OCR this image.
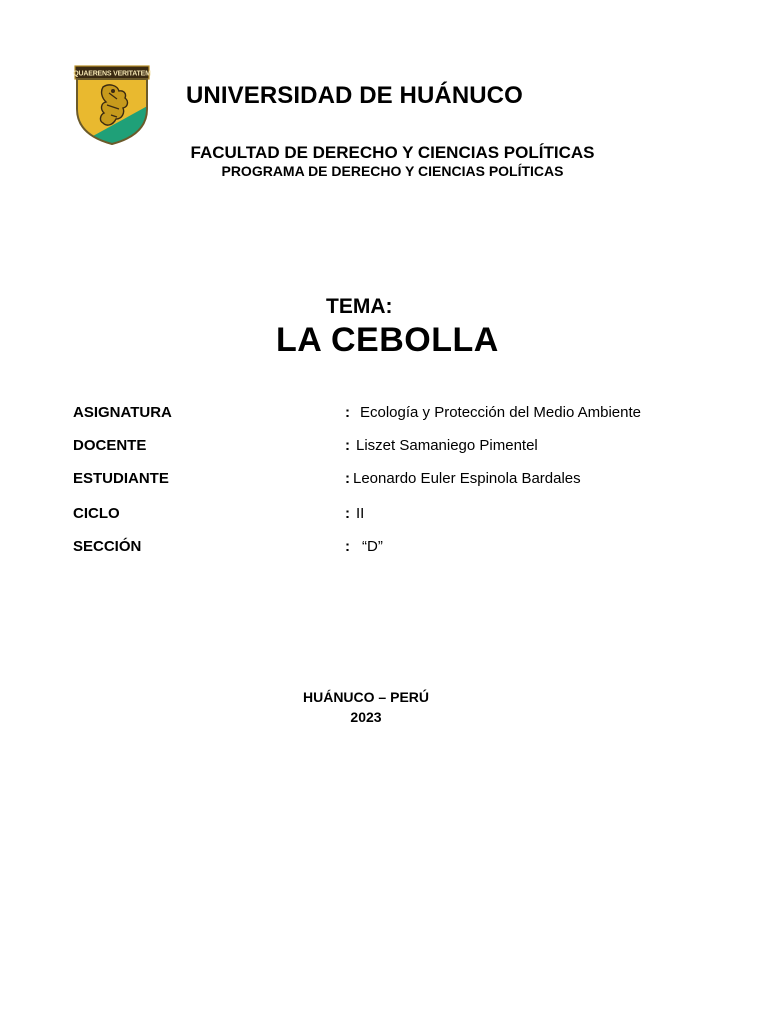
QUAERENS VERITATEM
UNIVERSIDAD DE HUÁNUCO
FACULTAD DE DERECHO Y CIENCIAS POLÍTICAS
PROGRAMA DE DERECHO Y CIENCIAS POLÍTICAS
TEMA:
LA CEBOLLA
ASIGNATURA	: Ecología y Protección del Medio Ambiente
DOCENTE	: Liszet Samaniego Pimentel
ESTUDIANTE	: Leonardo Euler Espinola Bardales
CICLO	: II
SECCIÓN	: “D”
HUÁNUCO – PERÚ
2023
